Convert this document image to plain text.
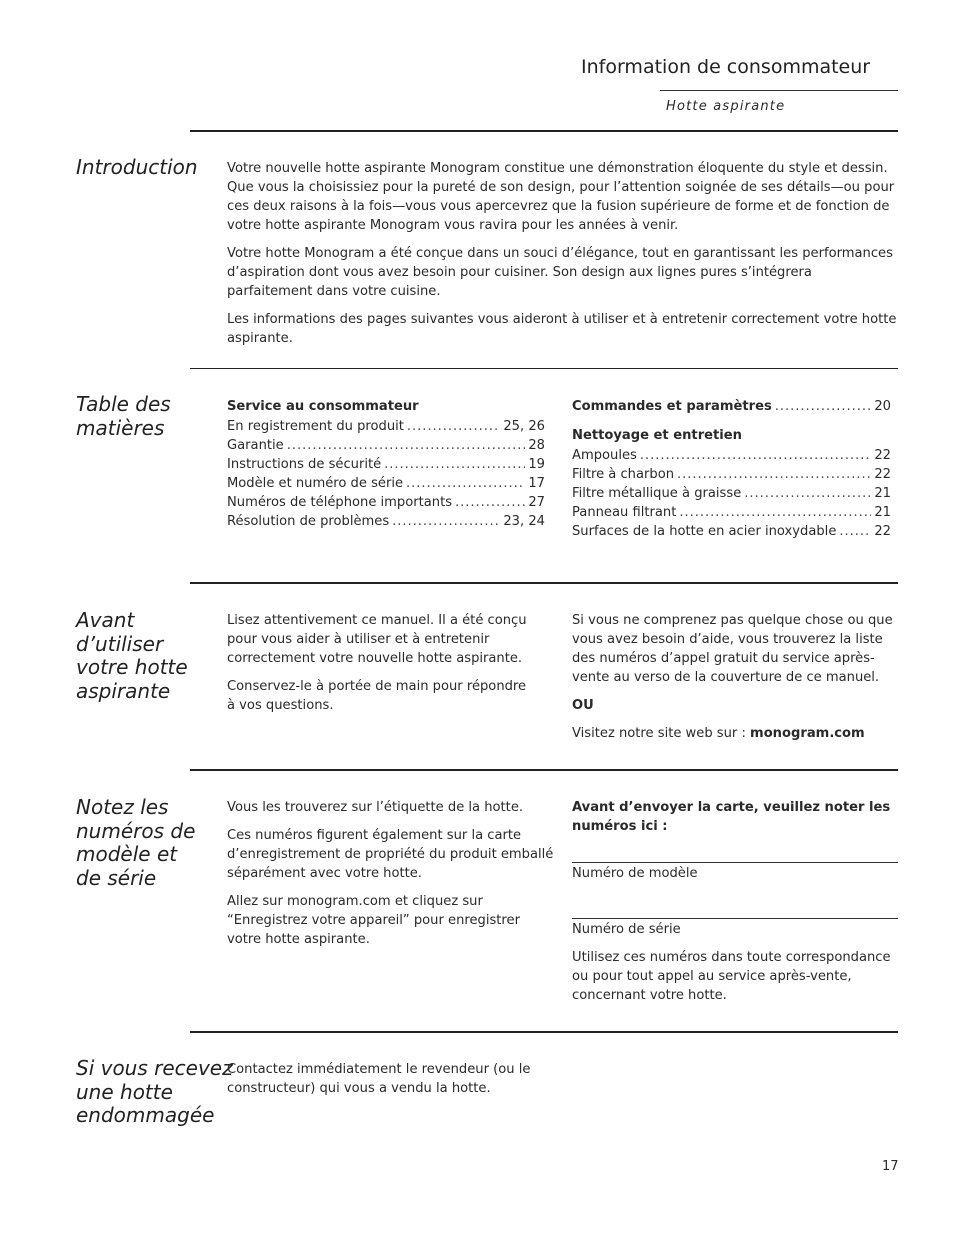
Information de consommateur
Hotte aspirante
Introduction	Votre nouvelle hotte aspirante Monogram constitue une démonstration éloquente du style et dessin. Que vous la choisissiez pour la pureté de son design, pour l’attention soignée de ses détails—ou pour ces deux raisons à la fois—vous vous apercevrez que la fusion supérieure de forme et de fonction de votre hotte aspirante Monogram vous ravira pour les années à venir.

Votre hotte Monogram a été conçue dans un souci d’élégance, tout en garantissant les performances d’aspiration dont vous avez besoin pour cuisiner. Son design aux lignes pures s’intégrera parfaitement dans votre cuisine.

Les informations des pages suivantes vous aideront à utiliser et à entretenir correctement votre hotte aspirante.

Table des matières
Service au consommateur
En registrement du produit . . .	25, 26
Garantie . . .	28
Instructions de sécurité . . .	19
Modèle et numéro de série . . .	17
Numéros de téléphone importants . . .	27
Résolution de problèmes . . .	23, 24
Commandes et paramètres . . .	20
Nettoyage et entretien
Ampoules . . .	22
Filtre à charbon . . .	22
Filtre métallique à graisse . . .	21
Panneau filtrant . . .	21
Surfaces de la hotte en acier inoxydable . . .	22
Avant d’utiliser votre hotte aspirante

Lisez attentivement ce manuel. Il a été conçu pour vous aider à utiliser et à entretenir correctement votre nouvelle hotte aspirante.

Conservez-le à portée de main pour répondre à vos questions.

Si vous ne comprenez pas quelque chose ou que vous avez besoin d’aide, vous trouverez la liste des numéros d’appel gratuit du service après-vente au verso de la couverture de ce manuel.

OU

Visitez notre site web sur : monogram.com

Notez les numéros de modèle et de série

Vous les trouverez sur l’étiquette de la hotte.

Ces numéros figurent également sur la carte d’enregistrement de propriété du produit emballé séparément avec votre hotte.

Allez sur monogram.com et cliquez sur “Enregistrez votre appareil” pour enregistrer votre hotte aspirante.

Avant d’envoyer la carte, veuillez noter les numéros ici :
Numéro de modèle
Numéro de série
Utilisez ces numéros dans toute correspondance ou pour tout appel au service après-vente, concernant votre hotte.
Si vous recevez une hotte endommagée
Contactez immédiatement le revendeur (ou le constructeur) qui vous a vendu la hotte.
17
